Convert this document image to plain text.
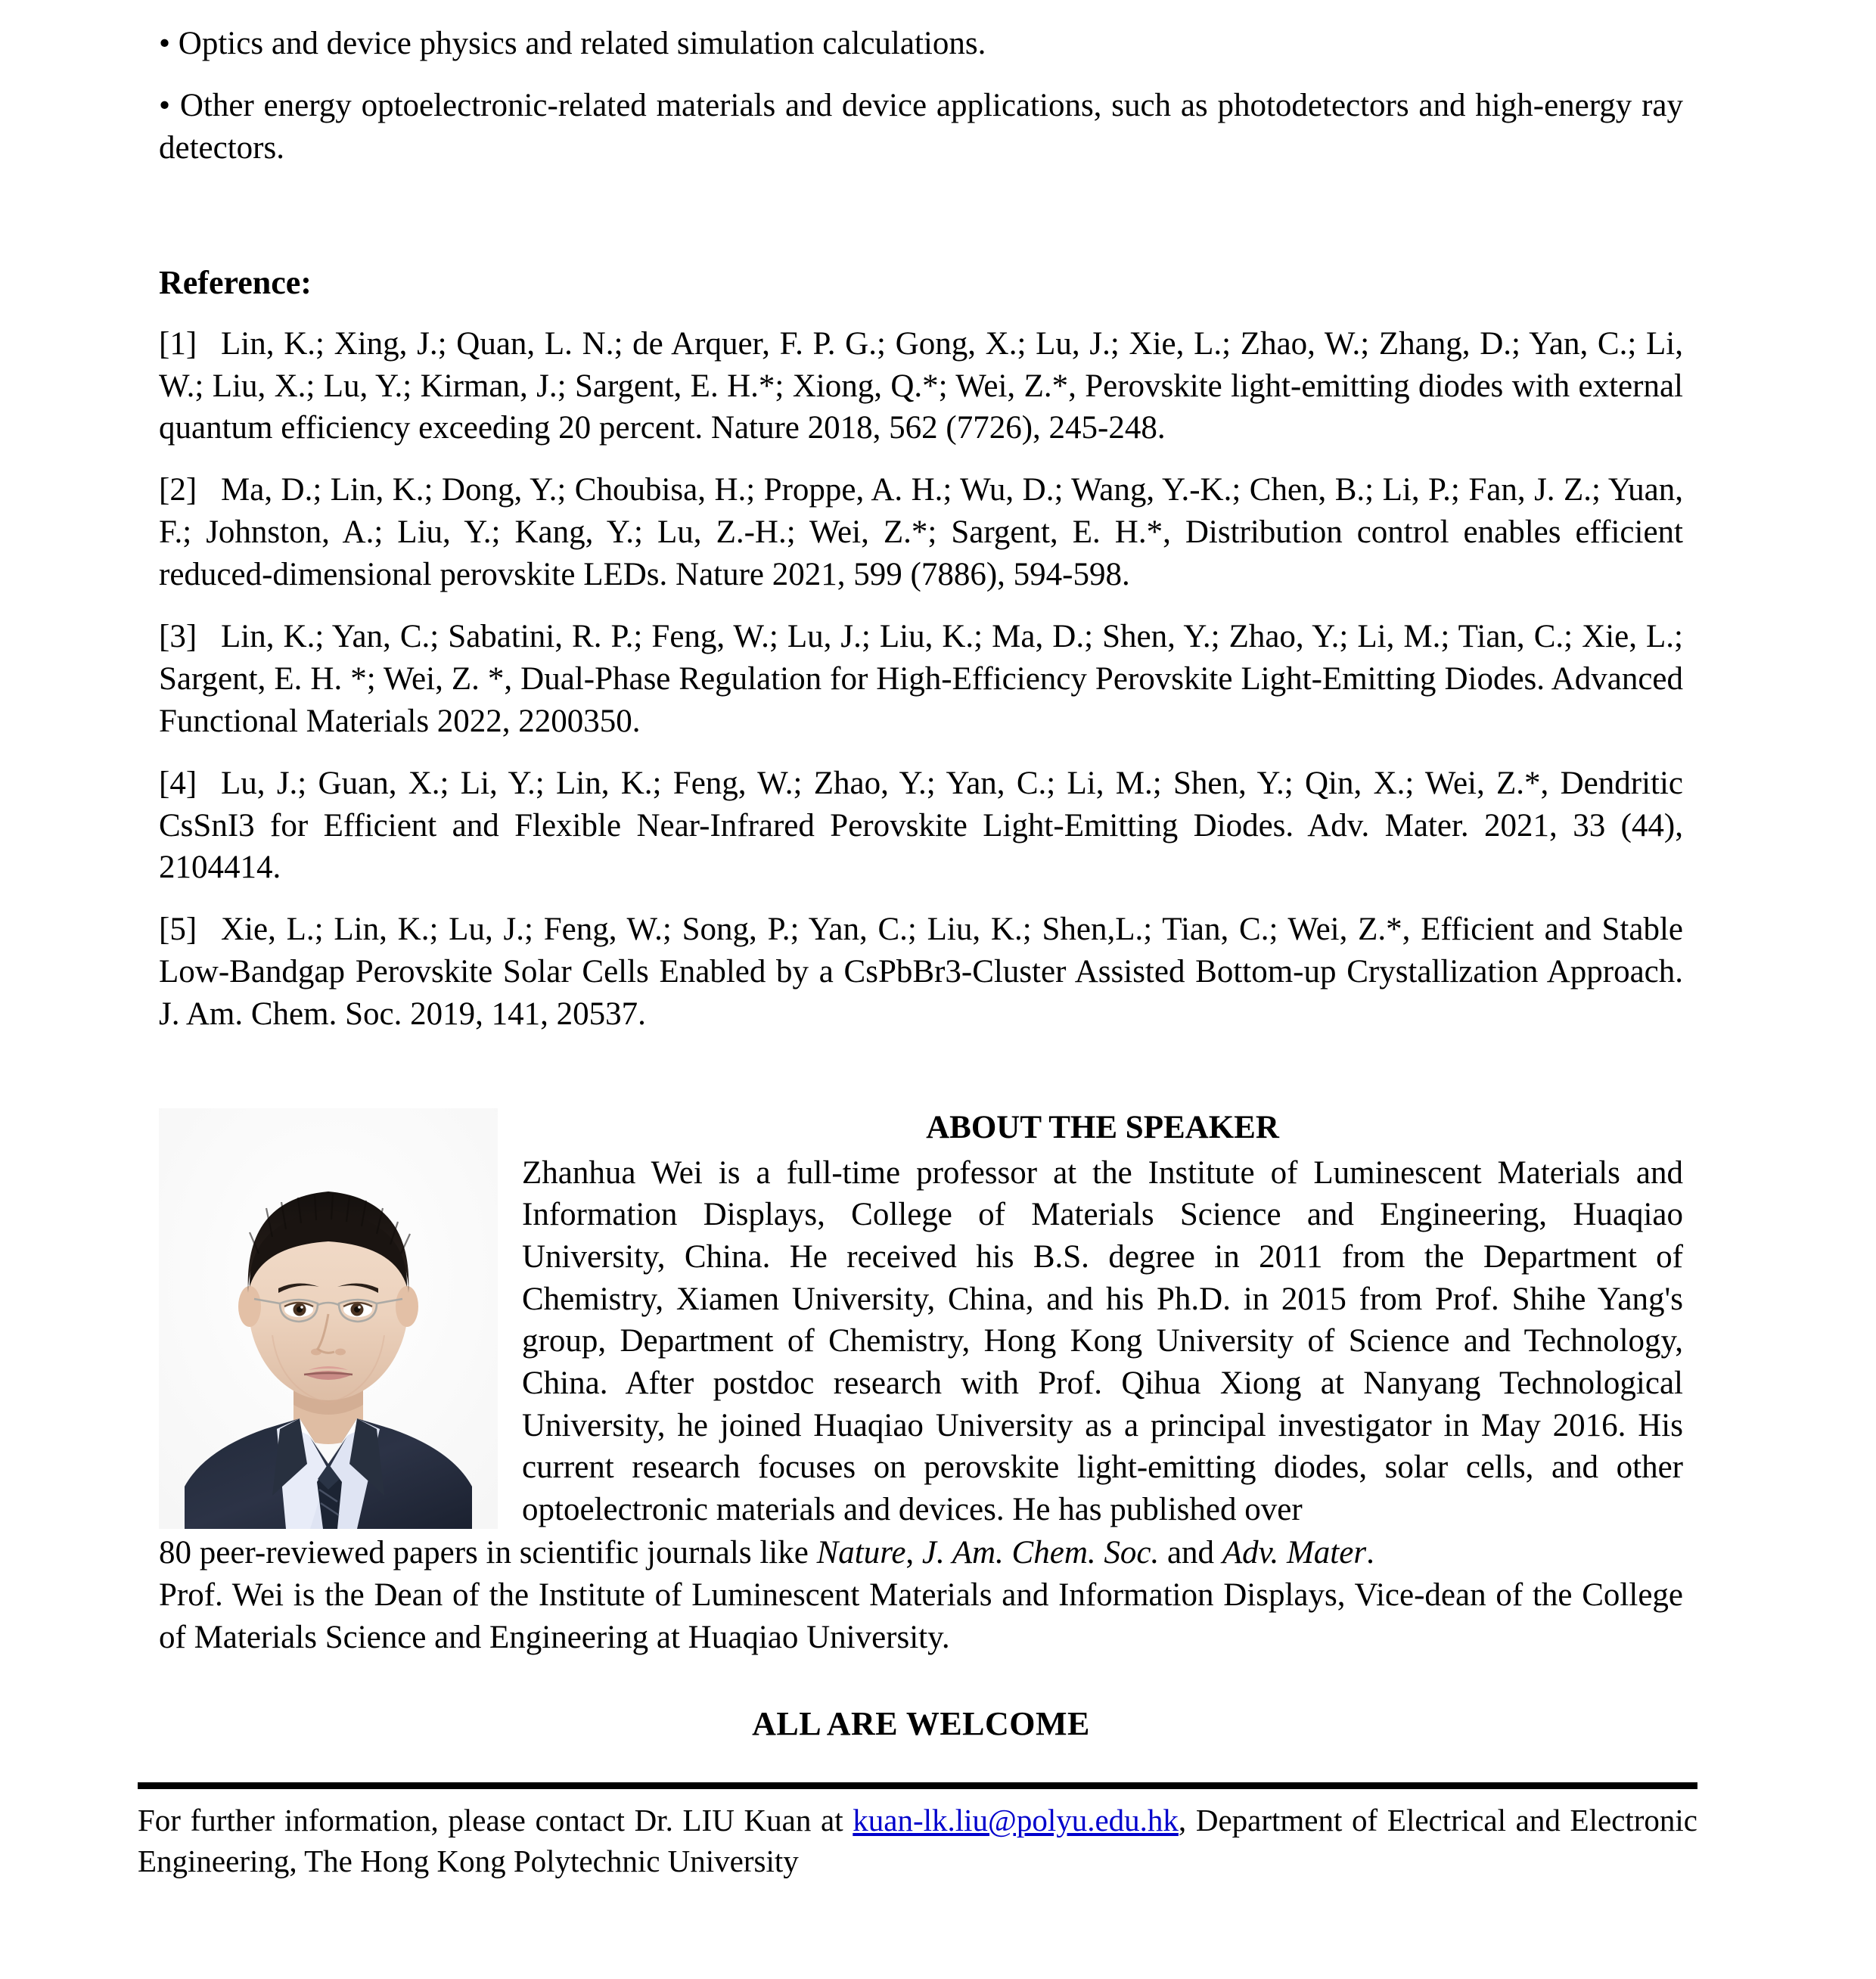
• Optics and device physics and related simulation calculations.

• Other energy optoelectronic-related materials and device applications, such as photodetectors and high-energy ray detectors.

Reference:

[1] Lin, K.; Xing, J.; Quan, L. N.; de Arquer, F. P. G.; Gong, X.; Lu, J.; Xie, L.; Zhao, W.; Zhang, D.; Yan, C.; Li, W.; Liu, X.; Lu, Y.; Kirman, J.; Sargent, E. H.*; Xiong, Q.*; Wei, Z.*, Perovskite light-emitting diodes with external quantum efficiency exceeding 20 percent. Nature 2018, 562 (7726), 245-248.

[2] Ma, D.; Lin, K.; Dong, Y.; Choubisa, H.; Proppe, A. H.; Wu, D.; Wang, Y.-K.; Chen, B.; Li, P.; Fan, J. Z.; Yuan, F.; Johnston, A.; Liu, Y.; Kang, Y.; Lu, Z.-H.; Wei, Z.*; Sargent, E. H.*, Distribution control enables efficient reduced-dimensional perovskite LEDs. Nature 2021, 599 (7886), 594-598.

[3] Lin, K.; Yan, C.; Sabatini, R. P.; Feng, W.; Lu, J.; Liu, K.; Ma, D.; Shen, Y.; Zhao, Y.; Li, M.; Tian, C.; Xie, L.; Sargent, E. H. *; Wei, Z. *, Dual-Phase Regulation for High-Efficiency Perovskite Light-Emitting Diodes. Advanced Functional Materials 2022, 2200350.

[4] Lu, J.; Guan, X.; Li, Y.; Lin, K.; Feng, W.; Zhao, Y.; Yan, C.; Li, M.; Shen, Y.; Qin, X.; Wei, Z.*, Dendritic CsSnI3 for Efficient and Flexible Near-Infrared Perovskite Light-Emitting Diodes. Adv. Mater. 2021, 33 (44), 2104414.

[5] Xie, L.; Lin, K.; Lu, J.; Feng, W.; Song, P.; Yan, C.; Liu, K.; Shen,L.; Tian, C.; Wei, Z.*, Efficient and Stable Low-Bandgap Perovskite Solar Cells Enabled by a CsPbBr3-Cluster Assisted Bottom-up Crystallization Approach. J. Am. Chem. Soc. 2019, 141, 20537.

ABOUT THE SPEAKER

Zhanhua Wei is a full-time professor at the Institute of Luminescent Materials and Information Displays, College of Materials Science and Engineering, Huaqiao University, China. He received his B.S. degree in 2011 from the Department of Chemistry, Xiamen University, China, and his Ph.D. in 2015 from Prof. Shihe Yang's group, Department of Chemistry, Hong Kong University of Science and Technology, China. After postdoc research with Prof. Qihua Xiong at Nanyang Technological University, he joined Huaqiao University as a principal investigator in May 2016. His current research focuses on perovskite light-emitting diodes, solar cells, and other optoelectronic materials and devices. He has published over

80 peer-reviewed papers in scientific journals like Nature, J. Am. Chem. Soc. and Adv. Mater.

Prof. Wei is the Dean of the Institute of Luminescent Materials and Information Displays, Vice-dean of the College of Materials Science and Engineering at Huaqiao University.

ALL ARE WELCOME

For further information, please contact Dr. LIU Kuan at kuan-lk.liu@polyu.edu.hk, Department of Electrical and Electronic Engineering, The Hong Kong Polytechnic University
